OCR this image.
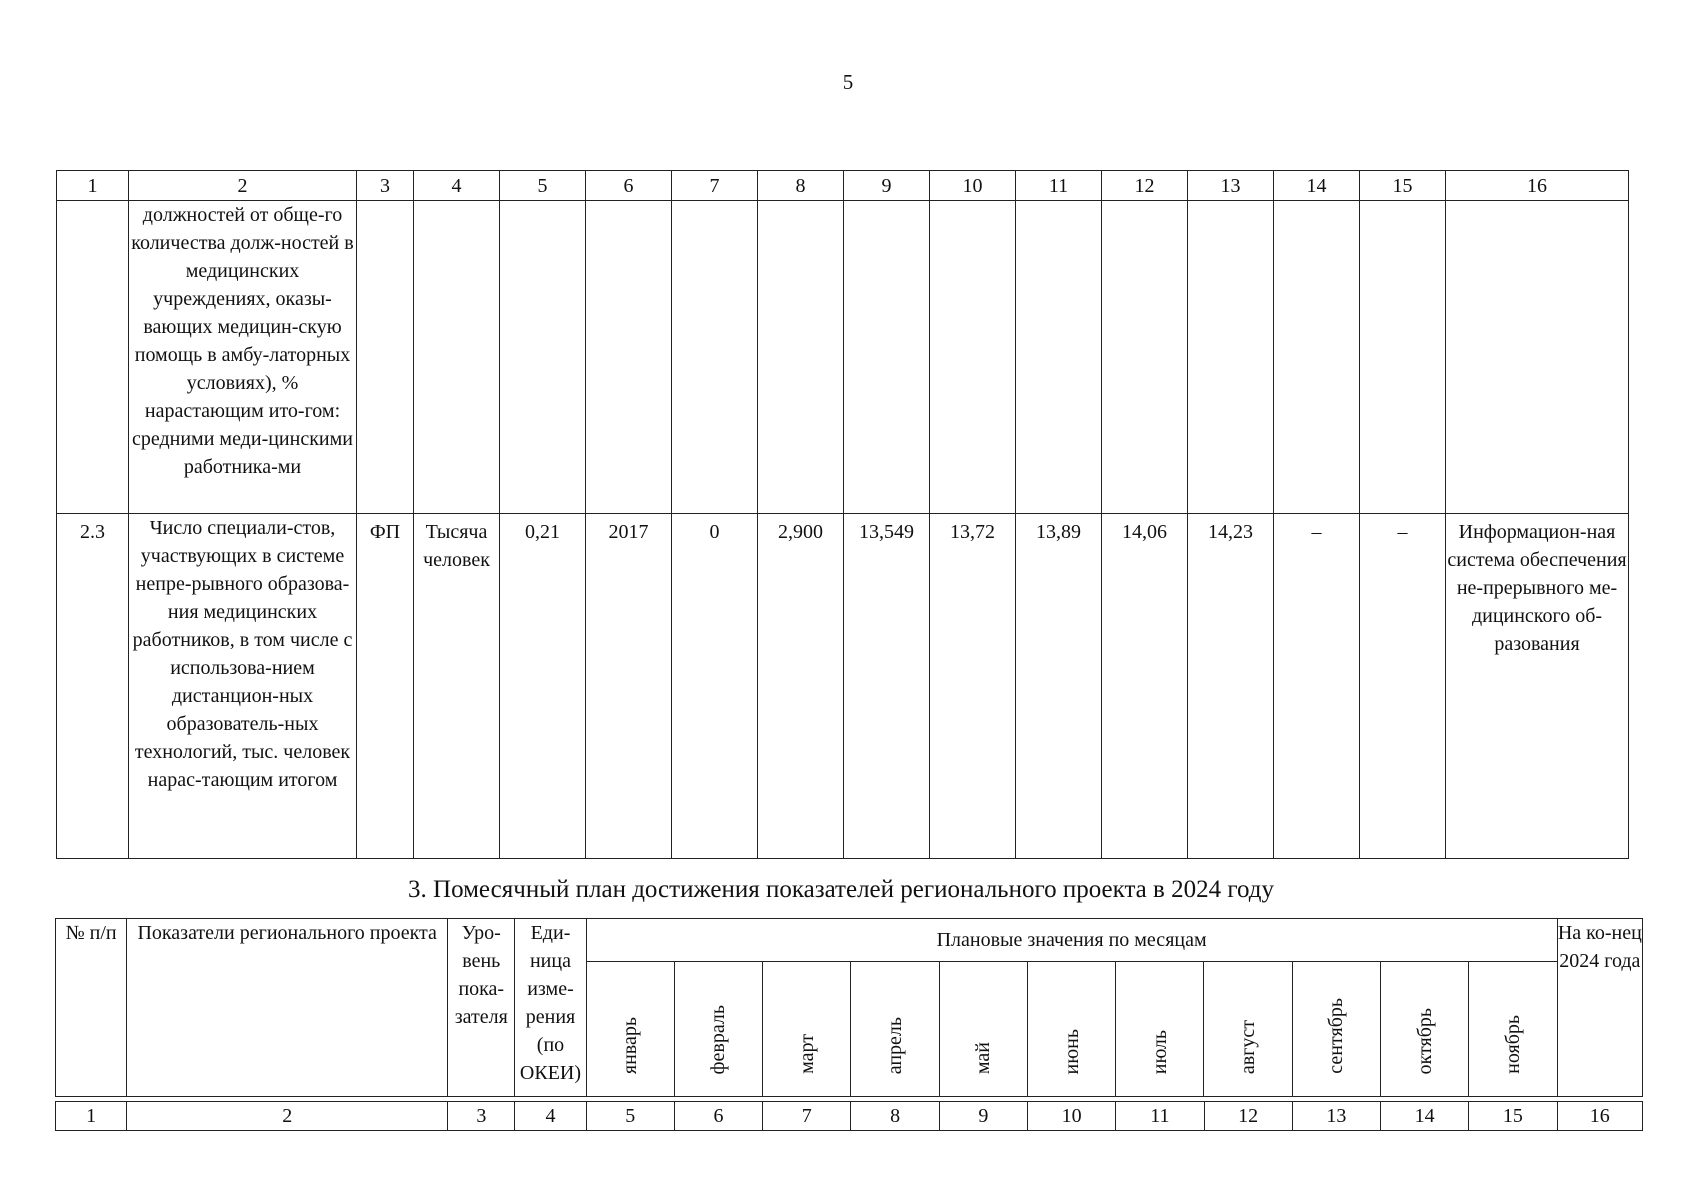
5
1	2	3	4	5	6	7	8	9	10	11	12	13	14	15	16
	должностей от обще-го количества долж-ностей в медицинских учреждениях, оказы-вающих медицин-скую помощь в амбу-латорных условиях), % нарастающим ито-гом: средними меди-цинскими работника-ми														
2.3	Число специали-стов, участвующих в системе непре-рывного образова-ния медицинских работников, в том числе с использова-нием дистанцион-ных образователь-ных технологий, тыс. человек нарас-тающим итогом	ФП	Тысяча человек	0,21	2017	0	2,900	13,549	13,72	13,89	14,06	14,23	–	–	Информацион-ная система обеспечения не-прерывного ме-дицинского об-разования
3. Помесячный план достижения показателей регионального проекта в 2024 году
№ п/п	Показатели регионального проекта	Уро-вень пока-зателя	Еди-ница изме-рения (по ОКЕИ)	Плановые значения по месяцам											На ко-нец 2024 года
				январь	февраль	март	апрель	май	июнь	июль	август	сентябрь	октябрь	ноябрь	
1	2	3	4	5	6	7	8	9	10	11	12	13	14	15	16
